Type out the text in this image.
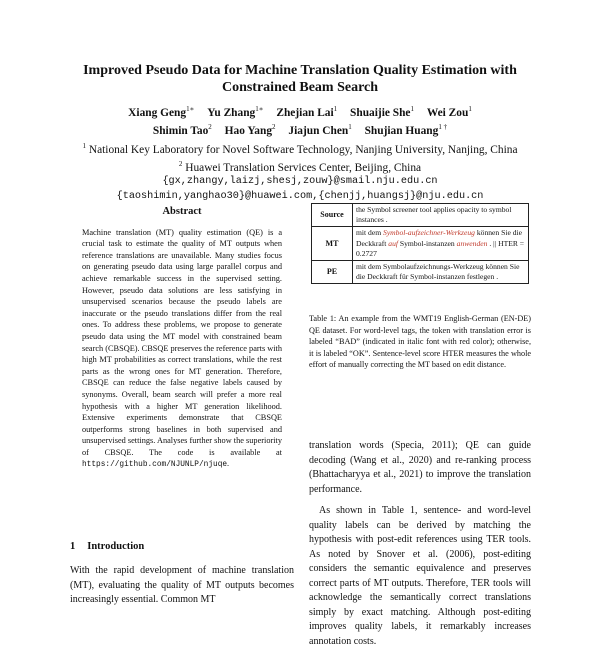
Improved Pseudo Data for Machine Translation Quality Estimation with
Constrained Beam Search
Xiang Geng$^{1∗}$ Yu Zhang$^{1∗}$ Zhejian Lai$^1$ Shuaijie She$^1$ Wei Zou$^1$
Shimin Tao$^2$ Hao Yang$^2$ Jiajun Chen$^1$ Shujian Huang$^{1 \dagger}$
$^1$ National Key Laboratory for Novel Software Technology, Nanjing University, Nanjing, China
$^2$ Huawei Translation Services Center, Beijing, China
{gx,zhangy,laizj,shesj,zouw}@smail.nju.edu.cn
{taoshimin,yanghao30}@huawei.com,{chenjj,huangsj}@nju.edu.cn
Abstract
Machine translation (MT) quality estimation (QE) is a crucial task to estimate the quality of MT outputs when reference translations are unavailable. Many studies focus on generating pseudo data using large parallel corpus and achieve remarkable success in the supervised setting. However, pseudo data solutions are less satisfying in unsupervised scenarios because the pseudo labels are inaccurate or the pseudo translations differ from the real ones. To address these problems, we propose to generate pseudo data using the MT model with constrained beam search (CBSQE). CBSQE preserves the reference parts with high MT probabilities as correct translations, while the rest parts as the wrong ones for MT generation. Therefore, CBSQE can reduce the false negative labels caused by synonyms. Overall, beam search will prefer a more real hypothesis with a higher MT generation likelihood. Extensive experiments demonstrate that CBSQE outperforms strong baselines in both supervised and unsupervised settings. Analyses further show the superiority of CBSQE. The code is available at https://github.com/NJUNLP/njuqe.
1 Introduction
With the rapid development of machine translation (MT), evaluating the quality of MT outputs becomes increasingly essential. Common MT
Source	the Symbol screener tool applies opacity to symbol instances .
MT	mit dem Symbol-aufzeichner-Werkzeug können Sie die Deckkraft auf Symbol-instanzen anwenden . || HTER = 0.2727
PE	mit dem Symbolaufzeichnungs-Werkzeug können Sie die Deckkraft für Symbol-instanzen festlegen .
Table 1: An example from the WMT19 English-German (EN-DE) QE dataset. For word-level tags, the token with translation error is labeled “BAD” (indicated in italic font with red color); otherwise, it is labeled “OK”. Sentence-level score HTER measures the whole effort of manually correcting the MT based on edit distance.

translation words (Specia, 2011); QE can guide decoding (Wang et al., 2020) and re-ranking process (Bhattacharyya et al., 2021) to improve the translation performance.

As shown in Table 1, sentence- and word-level quality labels can be derived by matching the hypothesis with post-edit references using TER tools. As noted by Snover et al. (2006), post-editing considers the semantic equivalence and preserves correct parts of MT outputs. Therefore, TER tools will acknowledge the semantically correct translations simply by exact matching. Although post-editing improves quality labels, it remarkably increases annotation costs.
